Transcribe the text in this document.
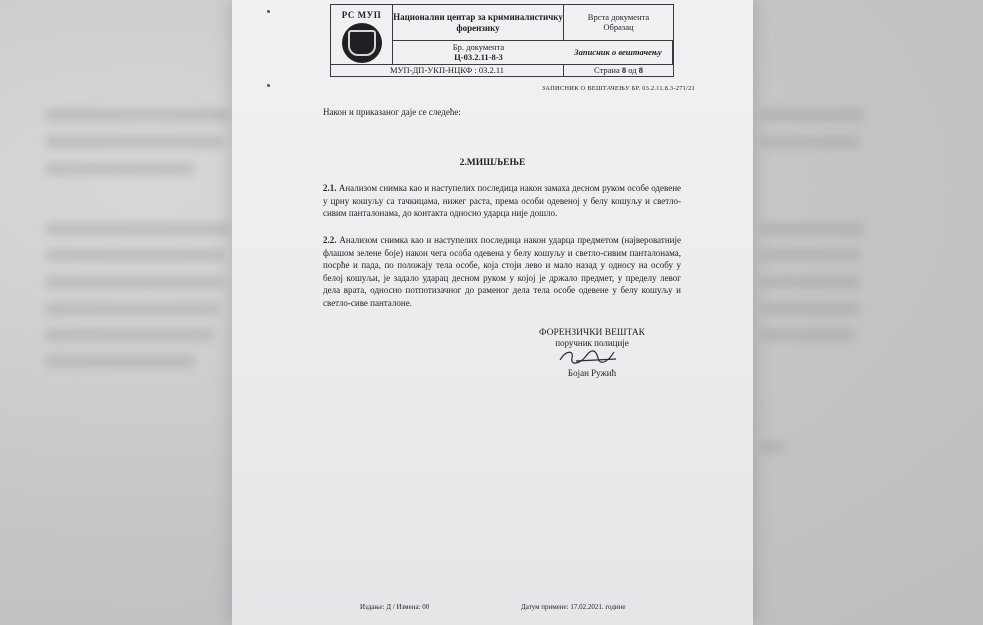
РС МУП Национални центар за криминалистичку форензику
Врста документа
Образац
Записник о вештачењу
Бр. документа
Ц-03.2.11-8-3
МУП-ДП-УКП-НЦКФ : 03.2.11	Страна
8
од
8
ЗАПИСНИК О ВЕШТАЧЕЊУ БР. 03.2.11.8.3-271/21
Након и приказаног даје се следеће:
2.МИШЉЕЊЕ
2.1. Анализом снимка као и наступелих последица након замаха десном руком особе одевене у црну кошуљу са тачкицама, нижег раста, према особи одевеној у белу кошуљу и светло-сивим панталонама, до контакта односно ударца није дошло.
2.2. Анализом снимка као и наступелих последица након ударца предметом (највероватније флашом зелене боје) након чега особа одевена у белу кошуљу и светло-сивим панталонама, посрће и пада, по положају тела особе, која стоји лево и мало назад у односу на особу у белој кошуљи, је задало ударац десном руком у којој је држало предмет, у пределу левог дела врата, односно потпотизачног до раменог дела тела особе одевене у белу кошуљу и светло-сиве панталоне.
ФОРЕНЗИЧКИ ВЕШТАК
поручник полиције
Бојан Ружић
Издање: Д / Измена: 00	Датум примене: 17.02.2021. године
